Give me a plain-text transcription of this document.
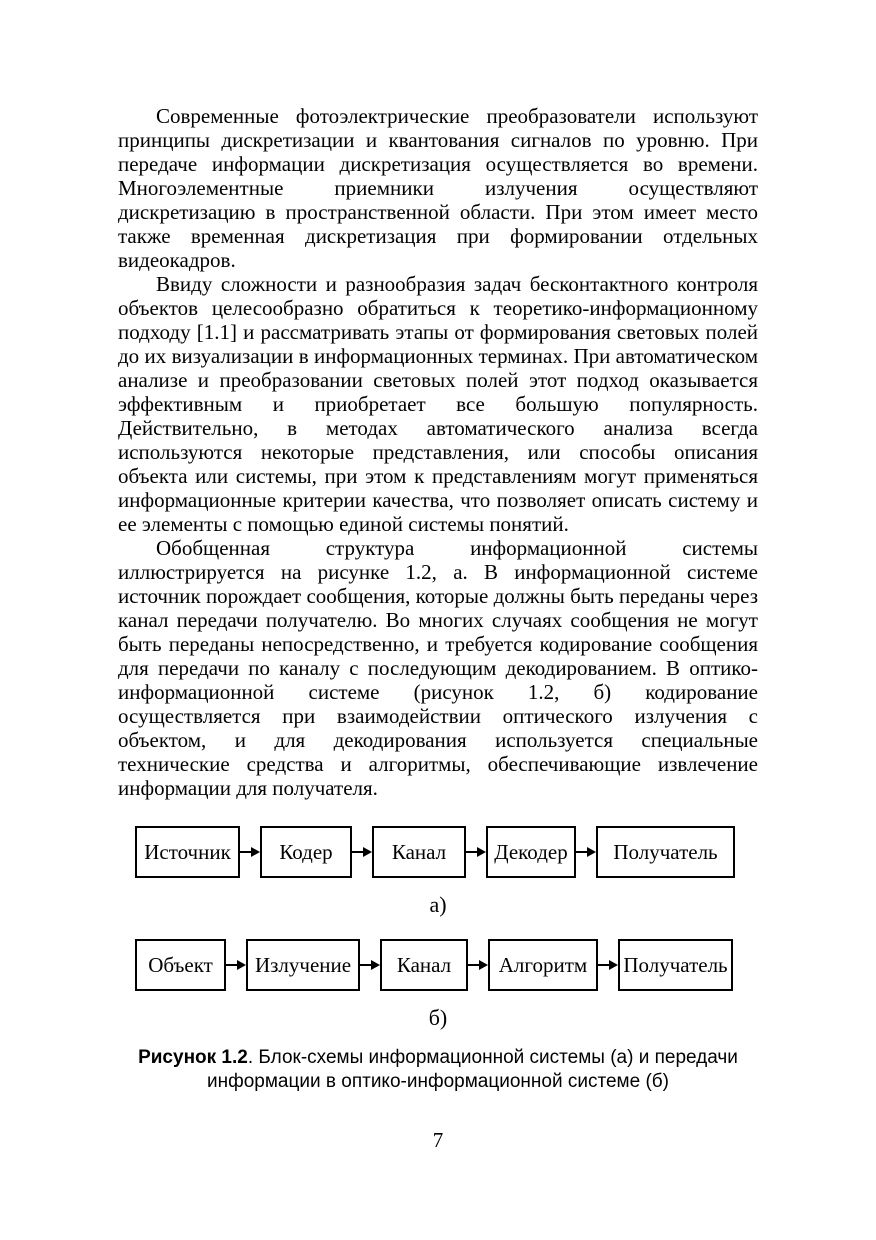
Современные фотоэлектрические преобразователи используют принципы дискретизации и квантования сигналов по уровню. При передаче информации дискретизация осуществляется во времени. Многоэлементные приемники излучения осуществляют дискретизацию в пространственной области. При этом имеет место также временная дискретизация при формировании отдельных видеокадров.

Ввиду сложности и разнообразия задач бесконтактного контроля объектов целесообразно обратиться к теоретико-информационному подходу [1.1] и рассматривать этапы от формирования световых полей до их визуализации в информационных терминах. При автоматическом анализе и преобразовании световых полей этот подход оказывается эффективным и приобретает все большую популярность. Действительно, в методах автоматического анализа всегда используются некоторые представления, или способы описания объекта или системы, при этом к представлениям могут применяться информационные критерии качества, что позволяет описать систему и ее элементы с помощью единой системы понятий.

Обобщенная структура информационной системы иллюстрируется на рисунке 1.2, а. В информационной системе источник порождает сообщения, которые должны быть переданы через канал передачи получателю. Во многих случаях сообщения не могут быть переданы непосредственно, и требуется кодирование сообщения для передачи по каналу с последующим декодированием. В оптико-информационной системе (рисунок 1.2, б) кодирование осуществляется при взаимодействии оптического излучения с объектом, и для декодирования используется специальные технические средства и алгоритмы, обеспечивающие извлечение информации для получателя.

Источник	Кодер	Канал	Декодер	Получатель
а)
Объект	Излучение	Канал	Алгоритм	Получатель
б)
Рисунок 1.2. Блок-схемы информационной системы (а) и передачи информации в оптико-информационной системе (б)
7
